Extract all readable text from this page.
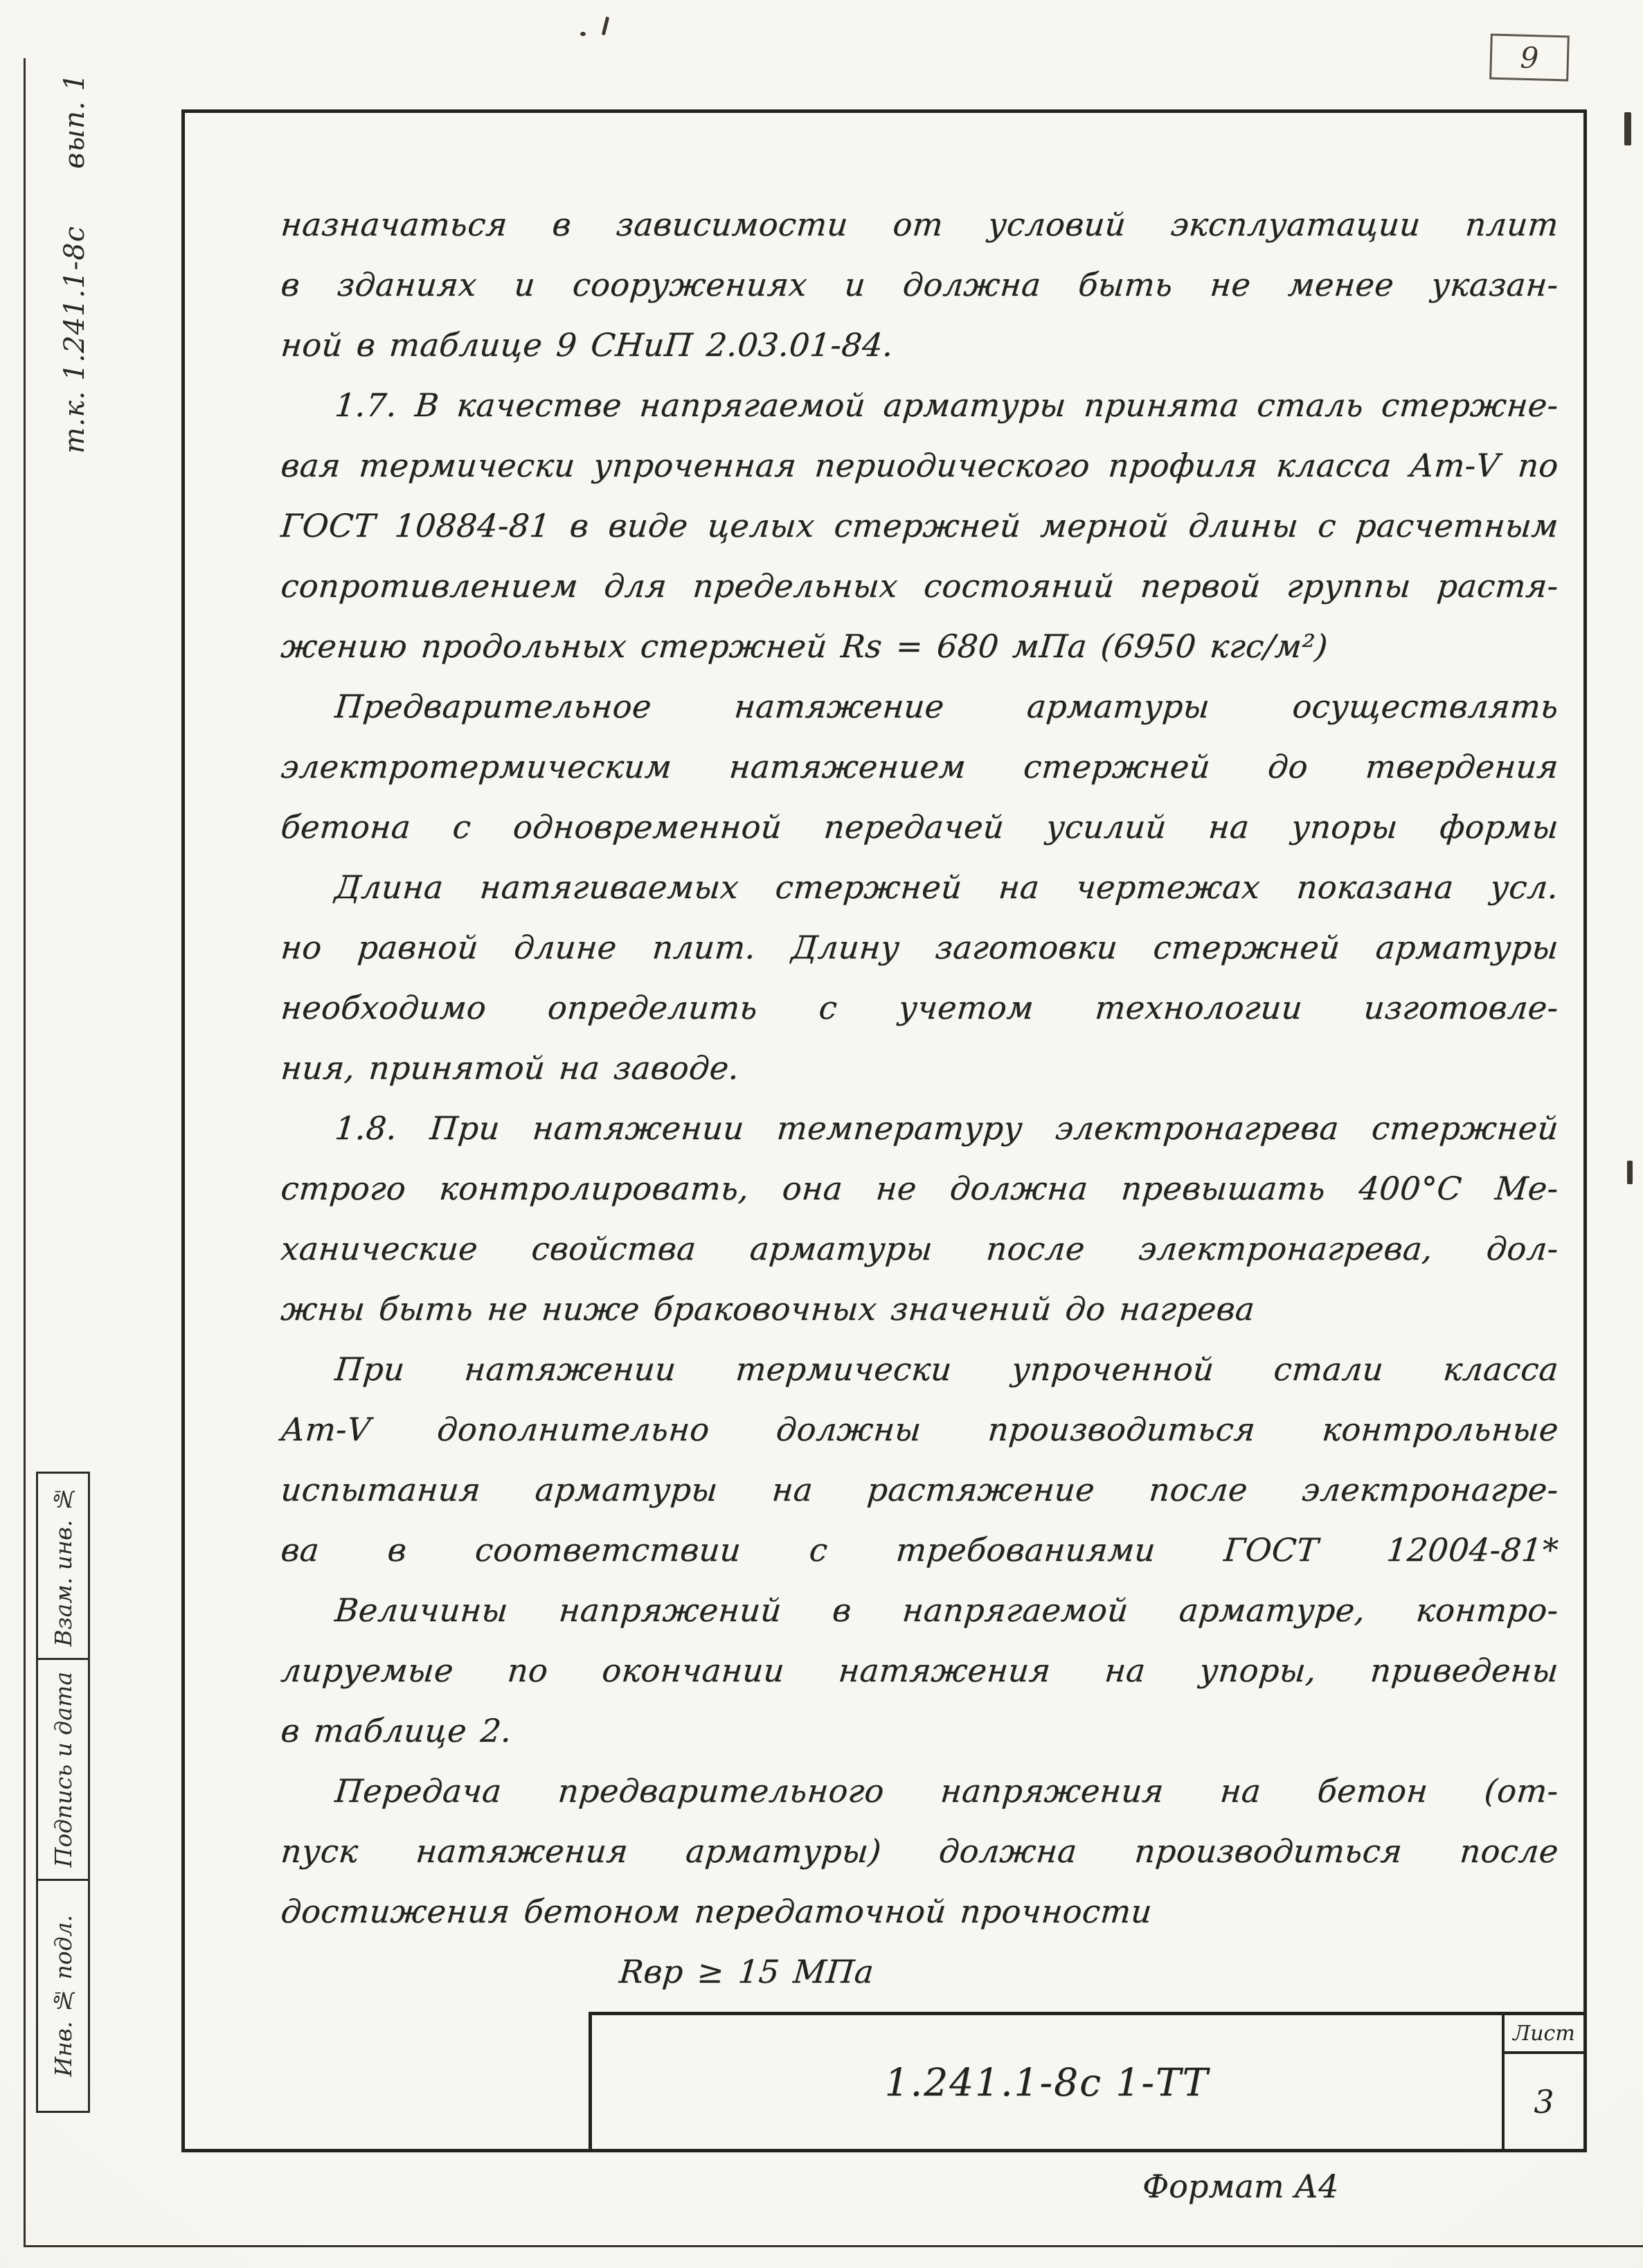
9
т.к. 1.241.1-8с      вып. 1
Взам. инв. №
Подпись и дата
Инв. № подл.
назначаться в зависимости от условий эксплуатации плит
в зданиях и сооружениях и должна быть не менее указан-
ной в таблице 9 СНиП 2.03.01-84.
1.7. В качестве напрягаемой арматуры принята сталь стержне-
вая термически упроченная периодического профиля класса Ат-V по
ГОСТ 10884-81 в виде целых стержней мерной длины с расчетным
сопротивлением для предельных состояний первой группы растя-
жению продольных стержней Rs = 680 мПа (6950 кгс/м²)
Предварительное натяжение арматуры осуществлять
электротермическим натяжением стержней до твердения
бетона с одновременной передачей усилий на упоры формы
Длина натягиваемых стержней на чертежах показана усл.
но равной длине плит. Длину заготовки стержней арматуры
необходимо определить с учетом технологии изготовле-
ния, принятой на заводе.
1.8. При натяжении температуру электронагрева стержней
строго контролировать, она не должна превышать 400°С Ме-
ханические свойства арматуры после электронагрева, дол-
жны быть не ниже браковочных значений до нагрева
При натяжении термически упроченной стали класса
Ат-V дополнительно должны производиться контрольные
испытания арматуры на растяжение после электронагре-
ва в соответствии с требованиями ГОСТ 12004-81*
Величины напряжений в напрягаемой арматуре, контро-
лируемые по окончании натяжения на упоры, приведены
в таблице 2.
Передача предварительного напряжения на бетон (от-
пуск натяжения арматуры) должна производиться после
достижения бетоном передаточной прочности
Rвр ≥ 15 МПа
1.241.1-8с 1-ТТ
Лист
3
Формат А4
